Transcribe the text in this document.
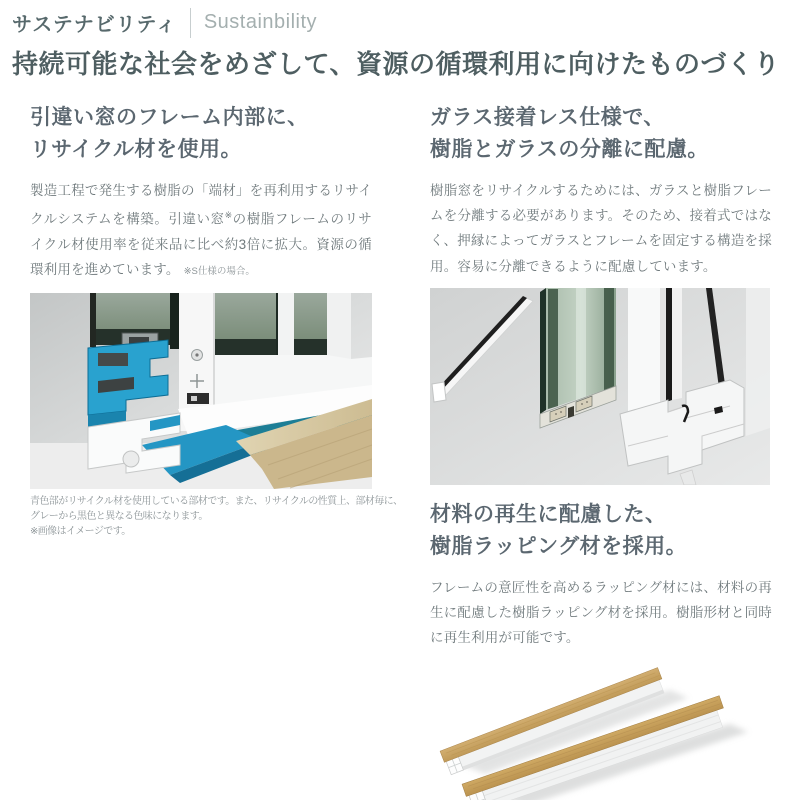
サステナビリティ Sustainbility
持続可能な社会をめざして、資源の循環利用に向けたものづくり
引違い窓のフレーム内部に、
リサイクル材を使用。

製造工程で発生する樹脂の「端材」を再利用するリサイクルシステムを構築。引違い窓※の樹脂フレームのリサイクル材使用率を従来品に比べ約3倍に拡大。資源の循環利用を進めています。 ※S仕様の場合。

青色部がリサイクル材を使用している部材です。また、リサイクルの性質上、部材毎に、
グレーから黒色と異なる色味になります。
※画像はイメージです。
ガラス接着レス仕様で、
樹脂とガラスの分離に配慮。

樹脂窓をリサイクルするためには、ガラスと樹脂フレームを分離する必要があります。そのため、接着式ではなく、押縁によってガラスとフレームを固定する構造を採用。容易に分離できるように配慮しています。

材料の再生に配慮した、
樹脂ラッピング材を採用。

フレームの意匠性を高めるラッピング材には、材料の再生に配慮した樹脂ラッピング材を採用。樹脂形材と同時に再生利用が可能です。
